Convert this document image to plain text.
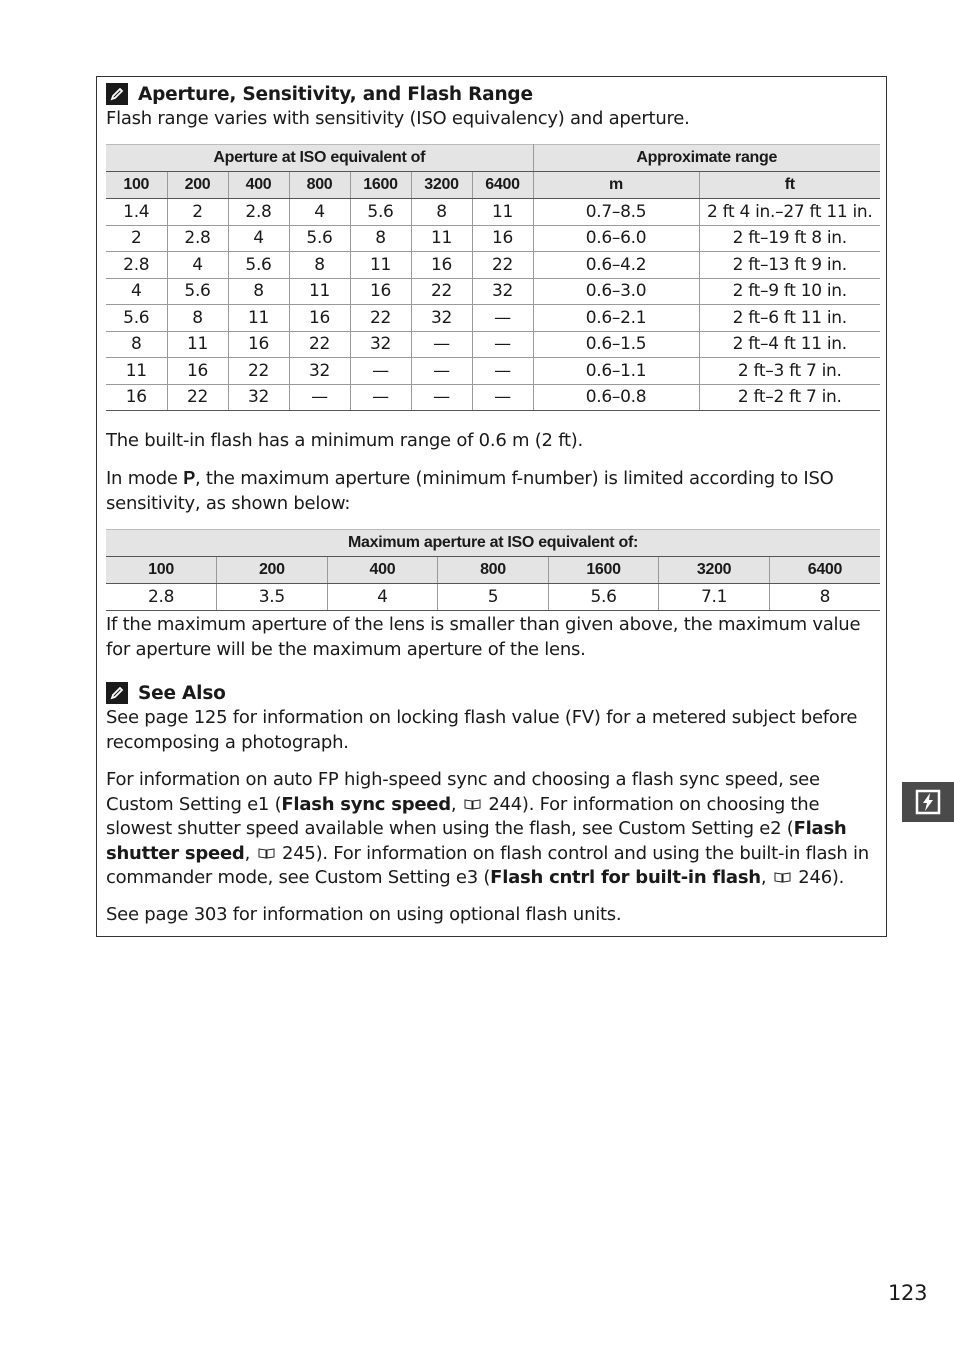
Aperture, Sensitivity, and Flash Range

Flash range varies with sensitivity (ISO equivalency) and aperture.

Aperture at ISO equivalent of							Approximate range	
100	200	400	800	1600	3200	6400	m	ft
1.4	2	2.8	4	5.6	8	11	0.7–8.5	2 ft 4 in.–27 ft 11 in.
2	2.8	4	5.6	8	11	16	0.6–6.0	2 ft–19 ft 8 in.
2.8	4	5.6	8	11	16	22	0.6–4.2	2 ft–13 ft 9 in.
4	5.6	8	11	16	22	32	0.6–3.0	2 ft–9 ft 10 in.
5.6	8	11	16	22	32	—	0.6–2.1	2 ft–6 ft 11 in.
8	11	16	22	32	—	—	0.6–1.5	2 ft–4 ft 11 in.
11	16	22	32	—	—	—	0.6–1.1	2 ft–3 ft 7 in.
16	22	32	—	—	—	—	0.6–0.8	2 ft–2 ft 7 in.

The built-in flash has a minimum range of 0.6 m (2 ft).

In mode P, the maximum aperture (minimum f-number) is limited according to ISO sensitivity, as shown below:

Maximum aperture at ISO equivalent of:						
100	200	400	800	1600	3200	6400
2.8	3.5	4	5	5.6	7.1	8

If the maximum aperture of the lens is smaller than given above, the maximum value for aperture will be the maximum aperture of the lens.

See Also

See page 125 for information on locking flash value (FV) for a metered subject before recomposing a photograph.

For information on auto FP high-speed sync and choosing a flash sync speed, see Custom Setting e1 (Flash sync speed,  244). For information on choosing the slowest shutter speed available when using the flash, see Custom Setting e2 (Flash shutter speed,  245). For information on flash control and using the built-in flash in commander mode, see Custom Setting e3 (Flash cntrl for built-in flash,  246).

See page 303 for information on using optional flash units.

123
